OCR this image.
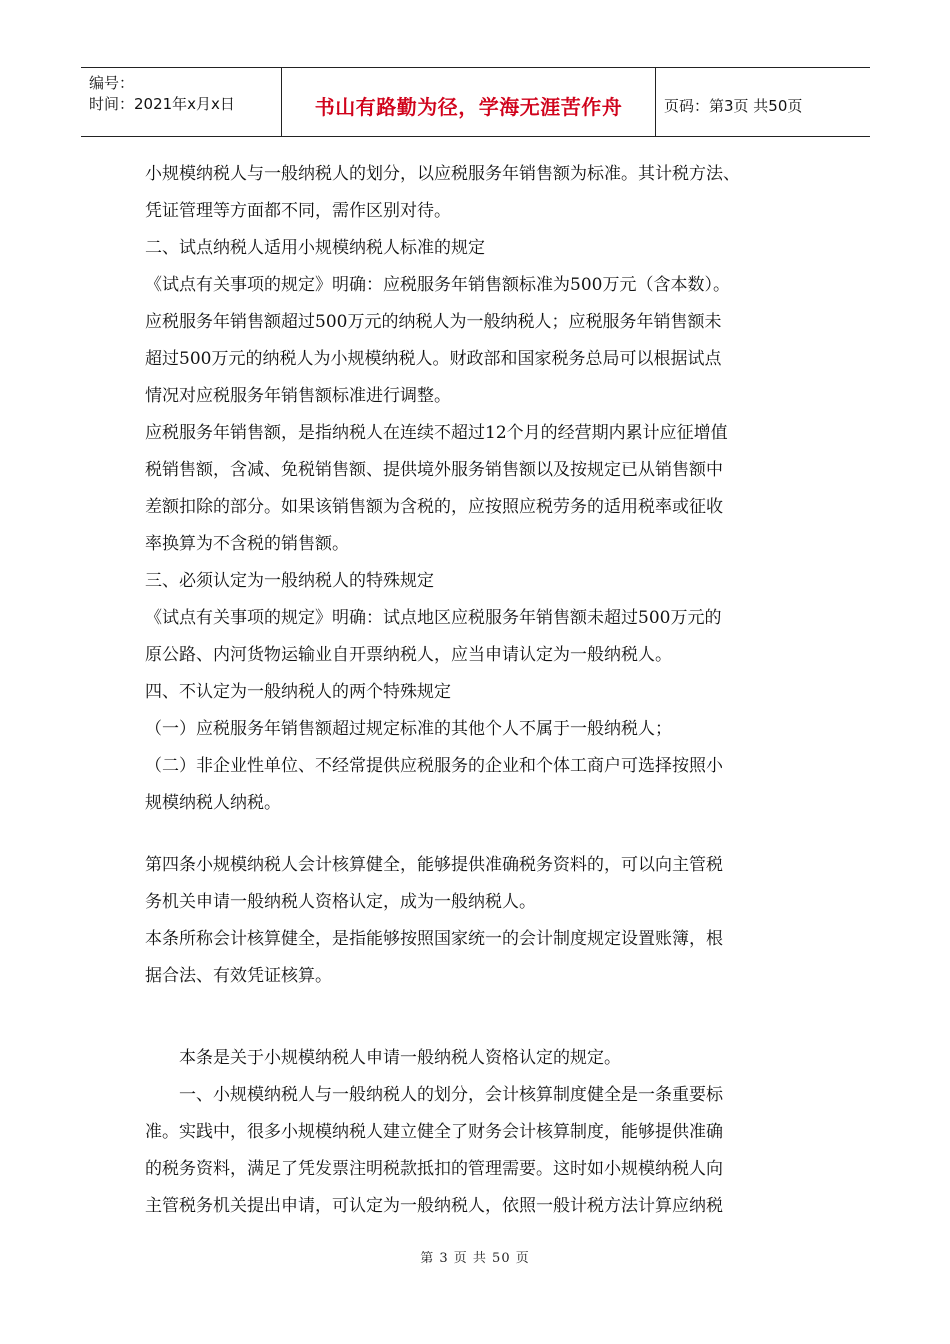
编号：
时间：2021年x月x日	书山有路勤为径，学海无涯苦作舟	页码：第3页 共50页

小规模纳税人与一般纳税人的划分，以应税服务年销售额为标准。其计税方法、

凭证管理等方面都不同，需作区别对待。

二、试点纳税人适用小规模纳税人标准的规定

《试点有关事项的规定》明确：应税服务年销售额标准为500万元（含本数）。

应税服务年销售额超过500万元的纳税人为一般纳税人；应税服务年销售额未

超过500万元的纳税人为小规模纳税人。财政部和国家税务总局可以根据试点

情况对应税服务年销售额标准进行调整。

应税服务年销售额，是指纳税人在连续不超过12个月的经营期内累计应征增值

税销售额，含减、免税销售额、提供境外服务销售额以及按规定已从销售额中

差额扣除的部分。如果该销售额为含税的，应按照应税劳务的适用税率或征收

率换算为不含税的销售额。

三、必须认定为一般纳税人的特殊规定

《试点有关事项的规定》明确：试点地区应税服务年销售额未超过500万元的

原公路、内河货物运输业自开票纳税人，应当申请认定为一般纳税人。

四、不认定为一般纳税人的两个特殊规定

（一）应税服务年销售额超过规定标准的其他个人不属于一般纳税人；

（二）非企业性单位、不经常提供应税服务的企业和个体工商户可选择按照小

规模纳税人纳税。

第四条小规模纳税人会计核算健全，能够提供准确税务资料的，可以向主管税

务机关申请一般纳税人资格认定，成为一般纳税人。

本条所称会计核算健全，是指能够按照国家统一的会计制度规定设置账簿，根

据合法、有效凭证核算。

本条是关于小规模纳税人申请一般纳税人资格认定的规定。

一、小规模纳税人与一般纳税人的划分，会计核算制度健全是一条重要标

准。实践中，很多小规模纳税人建立健全了财务会计核算制度，能够提供准确

的税务资料，满足了凭发票注明税款抵扣的管理需要。这时如小规模纳税人向

主管税务机关提出申请，可认定为一般纳税人，依照一般计税方法计算应纳税

第 3 页 共 50 页
